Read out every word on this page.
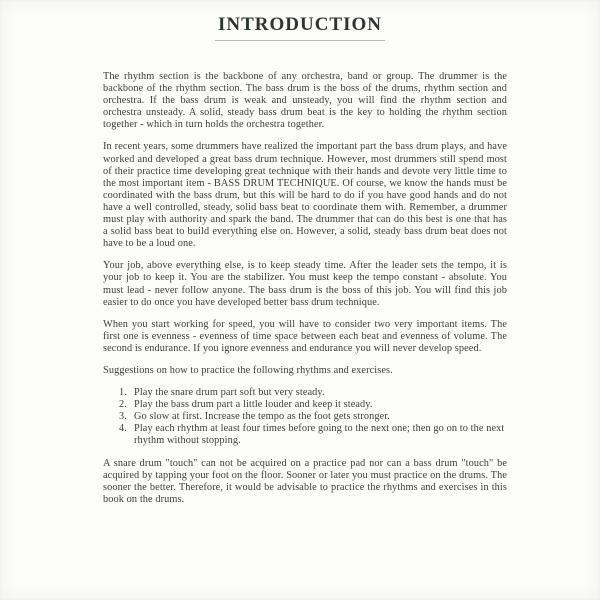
INTRODUCTION

The rhythm section is the backbone of any orchestra, band or group. The drummer is the backbone of the rhythm section. The bass drum is the boss of the drums, rhythm section and orchestra. If the bass drum is weak and unsteady, you will find the rhythm section and orchestra unsteady. A solid, steady bass drum beat is the key to holding the rhythm section together - which in turn holds the orchestra together.

In recent years, some drummers have realized the important part the bass drum plays, and have worked and developed a great bass drum technique. However, most drummers still spend most of their practice time developing great technique with their hands and devote very little time to the most important item - BASS DRUM TECHNIQUE. Of course, we know the hands must be coordinated with the bass drum, but this will be hard to do if you have good hands and do not have a well controlled, steady, solid bass beat to coordinate them with. Remember, a drummer must play with authority and spark the band. The drummer that can do this best is one that has a solid bass beat to build everything else on. However, a solid, steady bass drum beat does not have to be a loud one.

Your job, above everything else, is to keep steady time. After the leader sets the tempo, it is your job to keep it. You are the stabilizer. You must keep the tempo constant - absolute. You must lead - never follow anyone. The bass drum is the boss of this job. You will find this job easier to do once you have developed better bass drum technique.

When you start working for speed, you will have to consider two very important items. The first one is evenness - evenness of time space between each beat and evenness of volume. The second is endurance. If you ignore evenness and endurance you will never develop speed.

Suggestions on how to practice the following rhythms and exercises.

1. Play the snare drum part soft but very steady.
2. Play the bass drum part a little louder and keep it steady.
3. Go slow at first. Increase the tempo as the foot gets stronger.
4. Play each rhythm at least four times before going to the next one; then go on to the next rhythm without stopping.

A snare drum "touch" can not be acquired on a practice pad nor can a bass drum "touch" be acquired by tapping your foot on the floor. Sooner or later you must practice on the drums. The sooner the better. Therefore, it would be advisable to practice the rhythms and exercises in this book on the drums.
